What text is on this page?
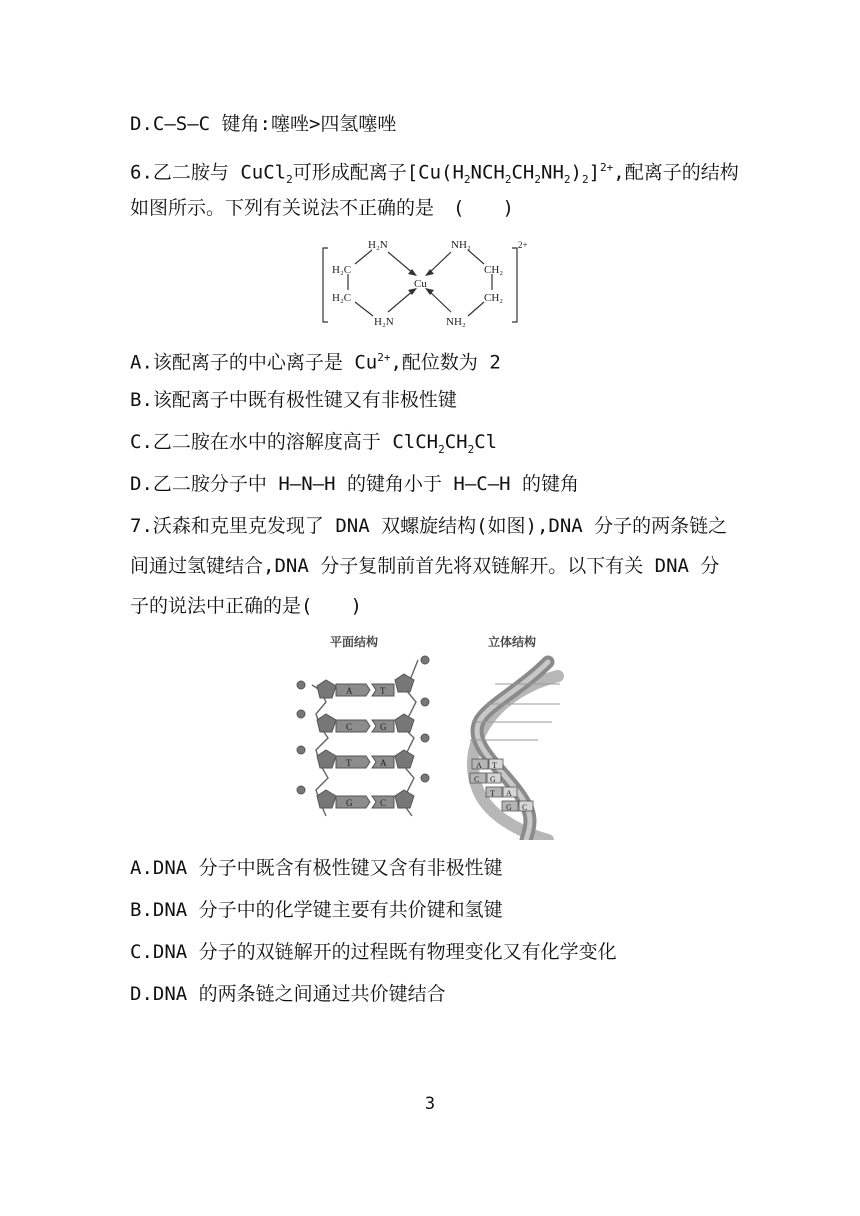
D.C—S—C 键角:噻唑>四氢噻唑
6.乙二胺与 CuCl$_2$可形成配离子$[Cu(H_2NCH_2CH_2NH_2)_2]^{2+}$,配离子的结构
如图所示。下列有关说法不正确的是　(　　)
H₂N	NH₂
H₂C
H₂C
Cu
CH₂
CH₂
H₂N	NH₂
2+
A.该配离子的中心离子是 $Cu^{2+}$,配位数为 2
B.该配离子中既有极性键又有非极性键
C.乙二胺在水中的溶解度高于 $ClCH_2CH_2Cl$
D.乙二胺分子中 H—N—H 的键角小于 H—C—H 的键角
7.沃森和克里克发现了 DNA 双螺旋结构(如图),DNA 分子的两条链之
间通过氢键结合,DNA 分子复制前首先将双链解开。以下有关 DNA 分
子的说法中正确的是(　　)
平面结构	立体结构
A	T
C	G
T	A
G	C
A T
C G
T A
G C
A.DNA 分子中既含有极性键又含有非极性键
B.DNA 分子中的化学键主要有共价键和氢键
C.DNA 分子的双链解开的过程既有物理变化又有化学变化
D.DNA 的两条链之间通过共价键结合
3
